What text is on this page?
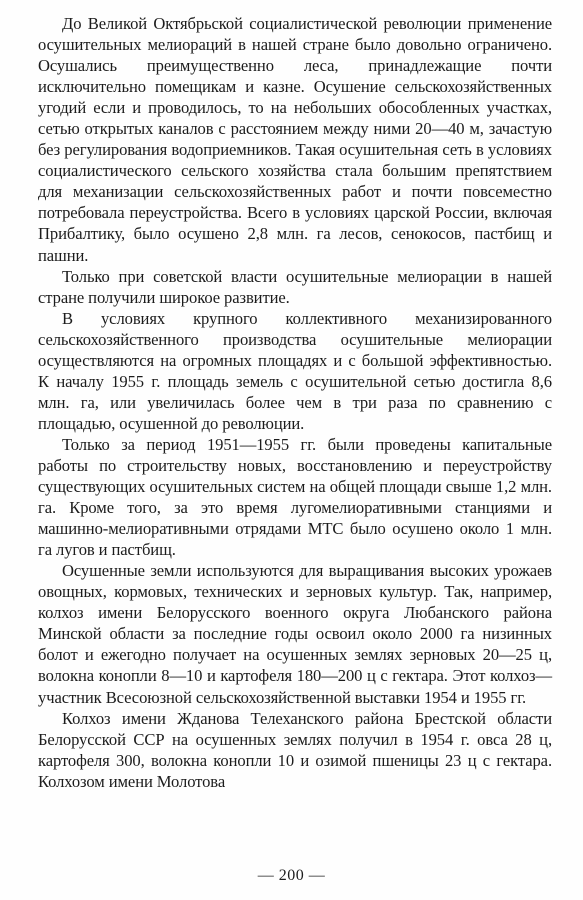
До Великой Октябрьской социалистической революции применение осушительных мелиораций в нашей стране было довольно ограничено. Осушались преимущественно леса, принадлежащие почти исключительно помещикам и казне. Осушение сельскохозяйственных угодий если и проводилось, то на небольших обособленных участках, сетью открытых каналов с расстоянием между ними 20—40 м, зачастую без регулирования водоприемников. Такая осушительная сеть в условиях социалистического сельского хозяйства стала большим препятствием для механизации сельскохозяйственных работ и почти повсеместно потребовала переустройства. Всего в условиях царской России, включая Прибалтику, было осушено 2,8 млн. га лесов, сенокосов, пастбищ и пашни.

Только при советской власти осушительные мелиорации в нашей стране получили широкое развитие.

В условиях крупного коллективного механизированного сельскохозяйственного производства осушительные мелиорации осуществляются на огромных площадях и с большой эффективностью. К началу 1955 г. площадь земель с осушительной сетью достигла 8,6 млн. га, или увеличилась более чем в три раза по сравнению с площадью, осушенной до революции.

Только за период 1951—1955 гг. были проведены капитальные работы по строительству новых, восстановлению и переустройству существующих осушительных систем на общей площади свыше 1,2 млн. га. Кроме того, за это время лугомелиоративными станциями и машинно-мелиоративными отрядами МТС было осушено около 1 млн. га лугов и пастбищ.

Осушенные земли используются для выращивания высоких урожаев овощных, кормовых, технических и зерновых культур. Так, например, колхоз имени Белорусского военного округа Любанского района Минской области за последние годы освоил около 2000 га низинных болот и ежегодно получает на осушенных землях зерновых 20—25 ц, волокна конопли 8—10 и картофеля 180—200 ц с гектара. Этот колхоз—участник Всесоюзной сельскохозяйственной выставки 1954 и 1955 гг.

Колхоз имени Жданова Телеханского района Брестской области Белорусской ССР на осушенных землях получил в 1954 г. овса 28 ц, картофеля 300, волокна конопли 10 и озимой пшеницы 23 ц с гектара. Колхозом имени Молотова

— 200 —
